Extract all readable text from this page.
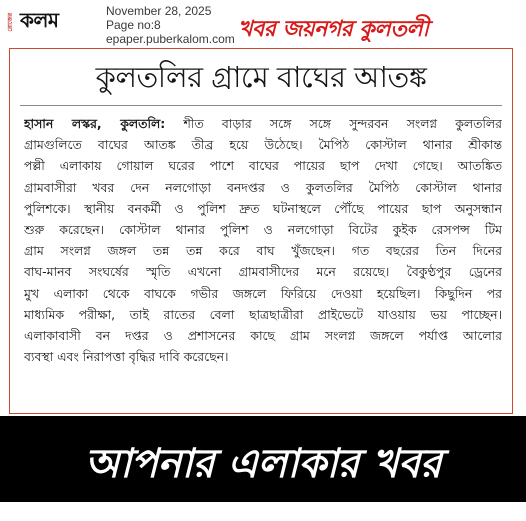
রোজের কলম	November 28, 2025
Page no:8
epaper.puberkalom.com খবর জয়নগর কুলতলী
কুলতলির গ্রামে বাঘের আতঙ্ক
হাসান লস্কর, কুলতলি: শীত বাড়ার সঙ্গে সঙ্গে সুন্দরবন সংলগ্ন কুলতলির
গ্রামগুলিতে বাঘের আতঙ্ক তীব্র হয়ে উঠেছে। মৈপিঠ কোস্টাল থানার শ্রীকান্ত
পল্লী এলাকায় গোয়াল ঘরের পাশে বাঘের পায়ের ছাপ দেখা গেছে। আতঙ্কিত
গ্রামবাসীরা খবর দেন নলগোড়া বনদপ্তর ও কুলতলির মৈপিঠ কোস্টাল থানার
পুলিশকে। স্থানীয় বনকর্মী ও পুলিশ দ্রুত ঘটনাস্থলে পৌঁছে পায়ের ছাপ অনুসন্ধান
শুরু করেছেন। কোস্টাল থানার পুলিশ ও নলগোড়া বিটের কুইক রেসপন্স টিম
গ্রাম সংলগ্ন জঙ্গল তন্ন তন্ন করে বাঘ খুঁজছেন। গত বছরের তিন দিনের
বাঘ-মানব সংঘর্ষের স্মৃতি এখনো গ্রামবাসীদের মনে রয়েছে। বৈকুণ্ঠপুর ড্রেনের
মুখ এলাকা থেকে বাঘকে গভীর জঙ্গলে ফিরিয়ে দেওয়া হয়েছিল। কিছুদিন পর
মাধ্যমিক পরীক্ষা, তাই রাতের বেলা ছাত্রছাত্রীরা প্রাইভেটে যাওয়ায় ভয় পাচ্ছেন।
এলাকাবাসী বন দপ্তর ও প্রশাসনের কাছে গ্রাম সংলগ্ন জঙ্গলে পর্যাপ্ত আলোর
ব্যবস্থা এবং নিরাপত্তা বৃদ্ধির দাবি করেছেন।
আপনার এলাকার খবর
